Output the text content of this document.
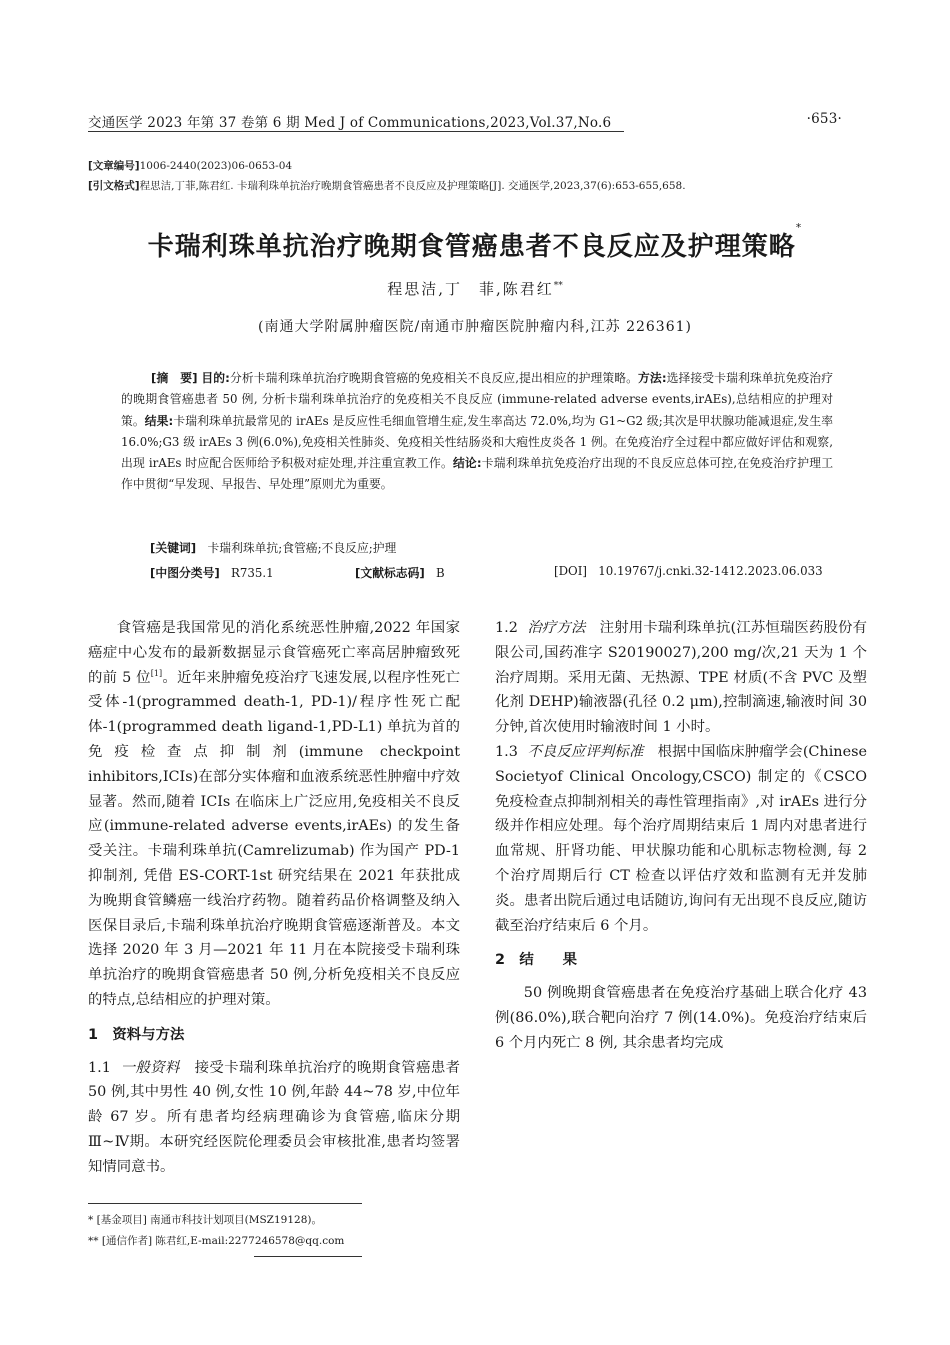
交通医学 2023 年第 37 卷第 6 期 Med J of Communications,2023,Vol.37,No.6	·653·
[文章编号]1006-2440(2023)06-0653-04
[引文格式]程思洁,丁菲,陈君红. 卡瑞利珠单抗治疗晚期食管癌患者不良反应及护理策略[J]. 交通医学,2023,37(6):653-655,658.
卡瑞利珠单抗治疗晚期食管癌患者不良反应及护理策略*
程思洁,丁　菲,陈君红**
(南通大学附属肿瘤医院/南通市肿瘤医院肿瘤内科,江苏 226361)
[摘　要] 目的:分析卡瑞利珠单抗治疗晚期食管癌的免疫相关不良反应,提出相应的护理策略。方法:选择接受卡瑞利珠单抗免疫治疗的晚期食管癌患者 50 例, 分析卡瑞利珠单抗治疗的免疫相关不良反应 (immune-related adverse events,irAEs),总结相应的护理对策。结果:卡瑞利珠单抗最常见的 irAEs 是反应性毛细血管增生症,发生率高达 72.0%,均为 G1~G2 级;其次是甲状腺功能减退症,发生率 16.0%;G3 级 irAEs 3 例(6.0%),免疫相关性肺炎、免疫相关性结肠炎和大疱性皮炎各 1 例。在免疫治疗全过程中都应做好评估和观察,出现 irAEs 时应配合医师给予积极对症处理,并注重宣教工作。结论:卡瑞利珠单抗免疫治疗出现的不良反应总体可控,在免疫治疗护理工作中贯彻“早发现、早报告、早处理”原则尤为重要。
[关键词] 卡瑞利珠单抗;食管癌;不良反应;护理
[中图分类号] R735.1	[文献标志码] B	[DOI] 10.19767/j.cnki.32-1412.2023.06.033

食管癌是我国常见的消化系统恶性肿瘤,2022 年国家癌症中心发布的最新数据显示食管癌死亡率高居肿瘤致死的前 5 位[1]。近年来肿瘤免疫治疗飞速发展,以程序性死亡受体-1(programmed death-1, PD-1)/程序性死亡配体-1(programmed death ligand-1,PD-L1) 单抗为首的免疫检查点抑制剂(immune checkpoint inhibitors,ICIs)在部分实体瘤和血液系统恶性肿瘤中疗效显著。然而,随着 ICIs 在临床上广泛应用,免疫相关不良反应(immune-related adverse events,irAEs) 的发生备受关注。卡瑞利珠单抗(Camrelizumab) 作为国产 PD-1 抑制剂, 凭借 ES-CORT-1st 研究结果在 2021 年获批成为晚期食管鳞癌一线治疗药物。随着药品价格调整及纳入医保目录后,卡瑞利珠单抗治疗晚期食管癌逐渐普及。本文选择 2020 年 3 月—2021 年 11 月在本院接受卡瑞利珠单抗治疗的晚期食管癌患者 50 例,分析免疫相关不良反应的特点,总结相应的护理对策。

1　资料与方法

1.1 一般资料 接受卡瑞利珠单抗治疗的晚期食管癌患者 50 例,其中男性 40 例,女性 10 例,年龄 44~78 岁,中位年龄 67 岁。所有患者均经病理确诊为食管癌,临床分期Ⅲ~Ⅳ期。本研究经医院伦理委员会审核批准,患者均签署知情同意书。

1.2 治疗方法 注射用卡瑞利珠单抗(江苏恒瑞医药股份有限公司,国药准字 S20190027),200 mg/次,21 天为 1 个治疗周期。采用无菌、无热源、TPE 材质(不含 PVC 及塑化剂 DEHP)输液器(孔径 0.2 μm),控制滴速,输液时间 30 分钟,首次使用时输液时间 1 小时。

1.3 不良反应评判标准 根据中国临床肿瘤学会(Chinese Societyof Clinical Oncology,CSCO) 制定的《CSCO 免疫检查点抑制剂相关的毒性管理指南》,对 irAEs 进行分级并作相应处理。每个治疗周期结束后 1 周内对患者进行血常规、肝肾功能、甲状腺功能和心肌标志物检测, 每 2 个治疗周期后行 CT 检查以评估疗效和监测有无并发肺炎。患者出院后通过电话随访,询问有无出现不良反应,随访截至治疗结束后 6 个月。

2　结　　果

50 例晚期食管癌患者在免疫治疗基础上联合化疗 43 例(86.0%),联合靶向治疗 7 例(14.0%)。免疫治疗结束后 6 个月内死亡 8 例, 其余患者均完成

* [基金项目] 南通市科技计划项目(MSZ19128)。
** [通信作者] 陈君红,E-mail:2277246578@qq.com
